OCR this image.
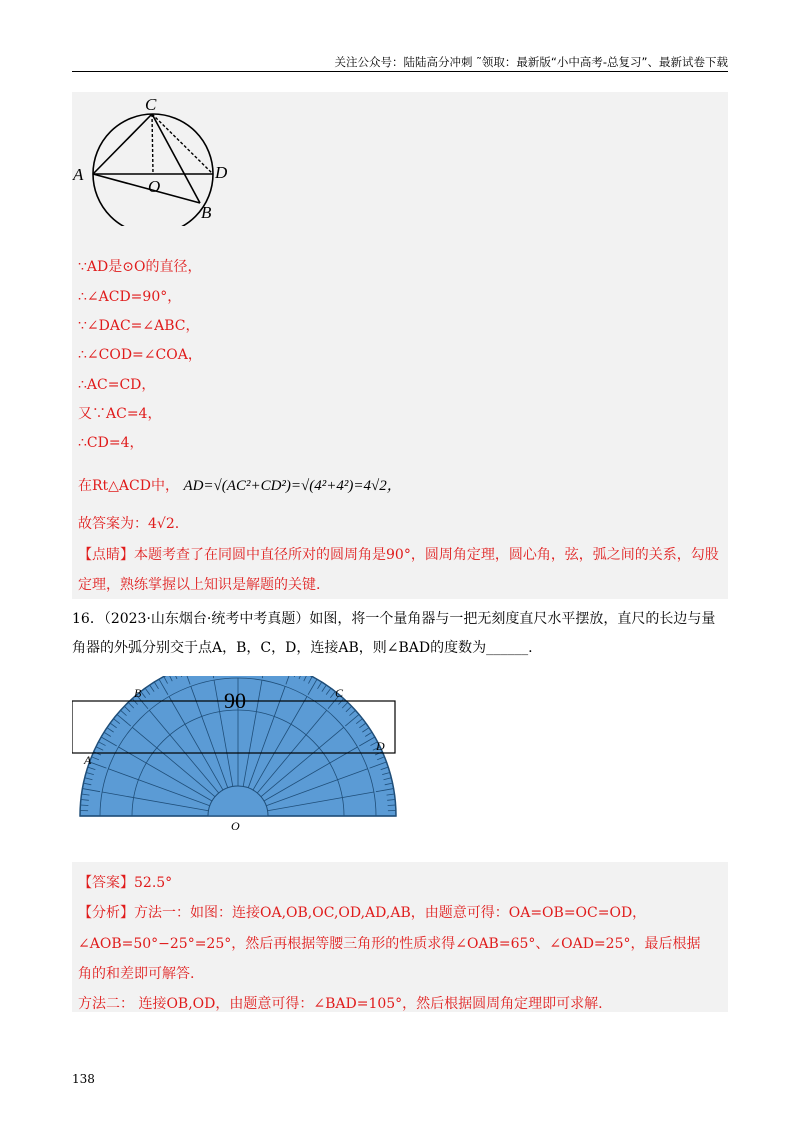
关注公众号：陆陆高分冲刺 ˜领取：最新版“小中高考-总复习”、最新试卷下载
C
A
O
D
B
∵AD是⊙O的直径，
∴∠ACD=90°，
∵∠DAC=∠ABC，
∴∠COD=∠COA，
∴AC=CD，
又∵AC=4，
∴CD=4，
在Rt△ACD中， AD=√(AC²+CD²)=√(4²+4²)=4√2，
故答案为：4√2.
【点睛】本题考查了在同圆中直径所对的圆周角是90°，圆周角定理，圆心角，弦，弧之间的关系，勾股
定理，熟练掌握以上知识是解题的关键.
16．（2023·山东烟台·统考中考真题）如图，将一个量角器与一把无刻度直尺水平摆放，直尺的长边与量
角器的外弧分别交于点A，B，C，D，连接AB，则∠BAD的度数为______.
90
B	C
A
D
O
【答案】52.5°
【分析】方法一：如图：连接OA,OB,OC,OD,AD,AB，由题意可得：OA=OB=OC=OD，
∠AOB=50°−25°=25°，然后再根据等腰三角形的性质求得∠OAB=65°、∠OAD=25°，最后根据
角的和差即可解答.
方法二： 连接OB,OD，由题意可得：∠BAD=105°，然后根据圆周角定理即可求解.
138
